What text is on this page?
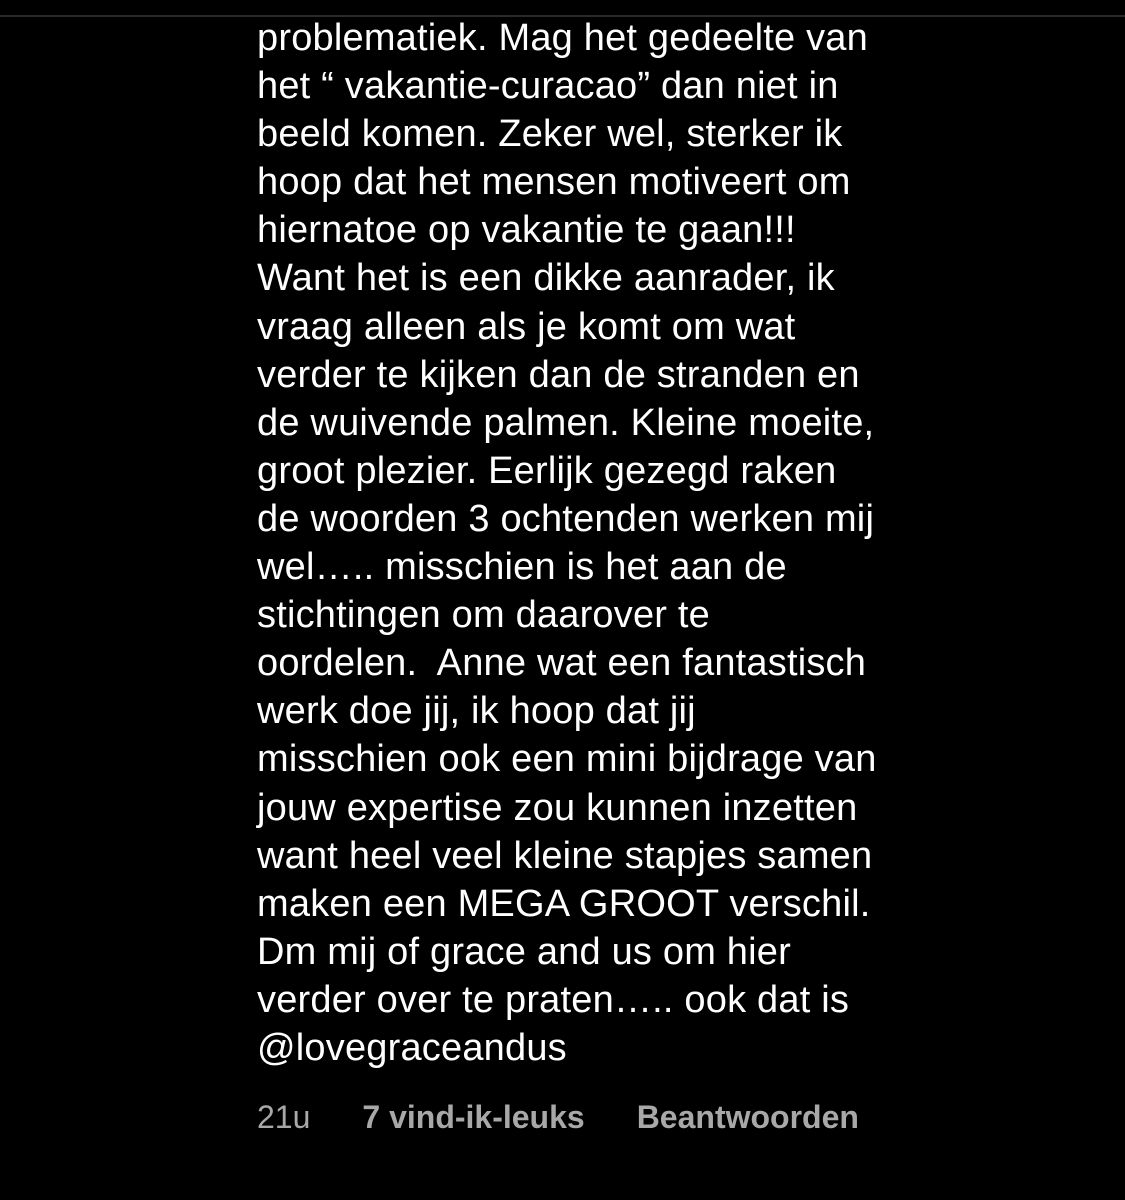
problematiek. Mag het gedeelte van
het “ vakantie-curacao” dan niet in
beeld komen. Zeker wel, sterker ik
hoop dat het mensen motiveert om
hiernatoe op vakantie te gaan!!!
Want het is een dikke aanrader, ik
vraag alleen als je komt om wat
verder te kijken dan de stranden en
de wuivende palmen. Kleine moeite,
groot plezier. Eerlijk gezegd raken
de woorden 3 ochtenden werken mij
wel….. misschien is het aan de
stichtingen om daarover te
oordelen.  Anne wat een fantastisch
werk doe jij, ik hoop dat jij
misschien ook een mini bijdrage van
jouw expertise zou kunnen inzetten
want heel veel kleine stapjes samen
maken een MEGA GROOT verschil.
Dm mij of grace and us om hier
verder over te praten….. ook dat is
@lovegraceandus
21u 7 vind-ik-leuks Beantwoorden
